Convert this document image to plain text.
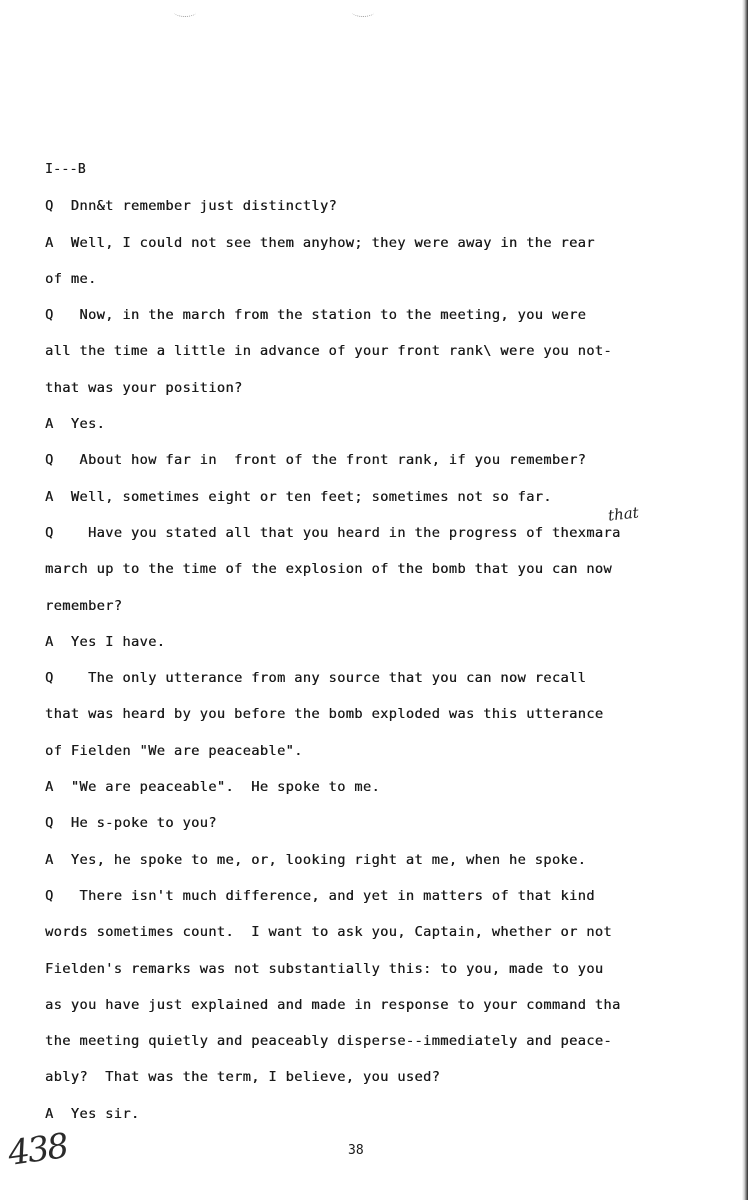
I---B
Q  Dnn&t remember just distinctly?
A  Well, I could not see them anyhow; they were away in the rear
of me.
Q   Now, in the march from the station to the meeting, you were
all the time a little in advance of your front rank\ were you not-
that was your position?
A  Yes.
Q   About how far in  front of the front rank, if you remember?
A  Well, sometimes eight or ten feet; sometimes not so far.
Q    Have you stated all that you heard in the progress of thexmara
march up to the time of the explosion of the bomb that you can now
remember?
A  Yes I have.
Q    The only utterance from any source that you can now recall
that was heard by you before the bomb exploded was this utterance
of Fielden "We are peaceable".
A  "We are peaceable".  He spoke to me.
Q  He s-poke to you?
A  Yes, he spoke to me, or, looking right at me, when he spoke.
Q   There isn't much difference, and yet in matters of that kind
words sometimes count.  I want to ask you, Captain, whether or not
Fielden's remarks was not substantially this: to you, made to you
as you have just explained and made in response to your command tha
the meeting quietly and peaceably disperse--immediately and peace-
ably?  That was the term, I believe, you used?
A  Yes sir.
that
438	38
